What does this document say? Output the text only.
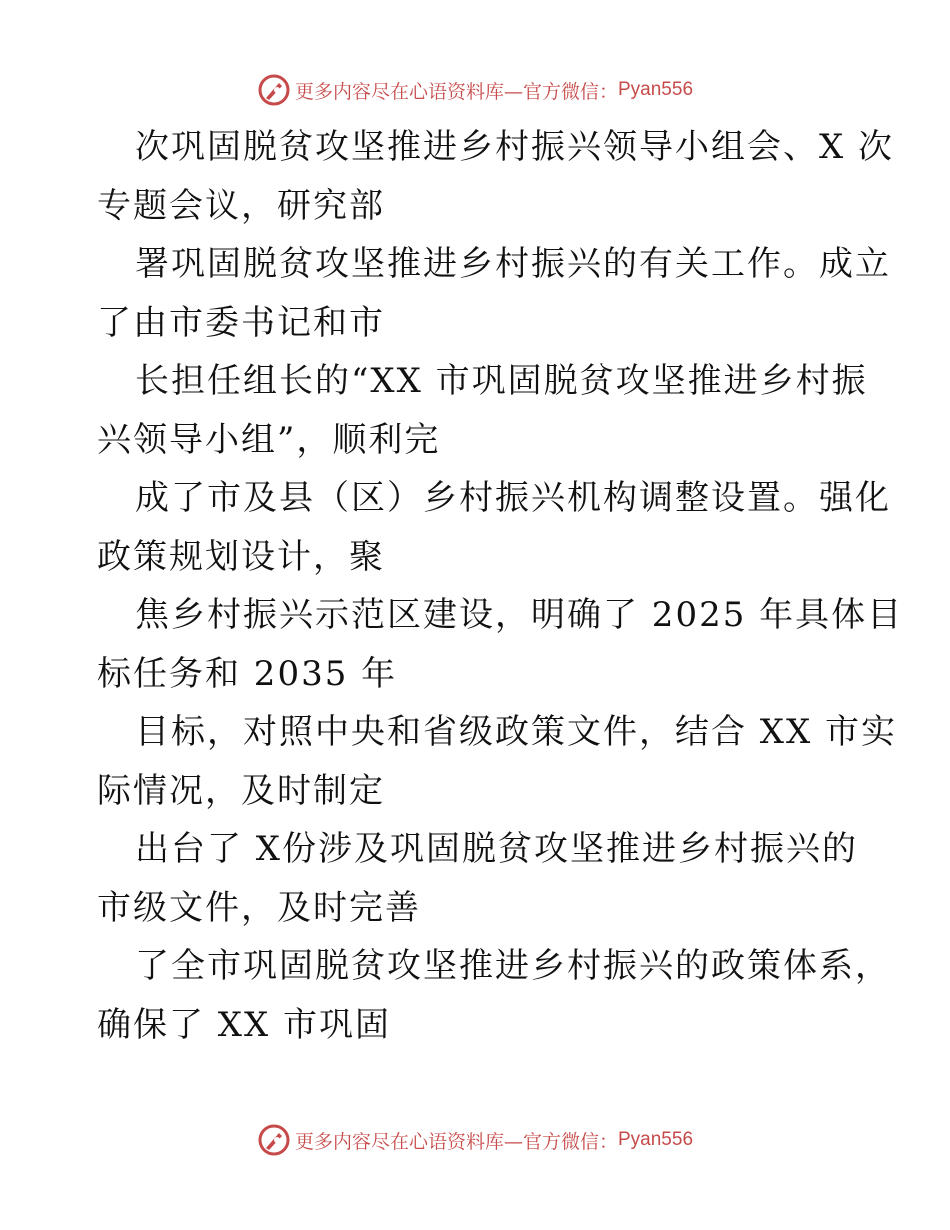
更多内容尽在心语资料库—官方微信： Pyan556
次巩固脱贫攻坚推进乡村振兴领导小组会、X 次
专题会议，研究部
署巩固脱贫攻坚推进乡村振兴的有关工作。成立
了由市委书记和市
长担任组长的“XX 市巩固脱贫攻坚推进乡村振
兴领导小组”，顺利完
成了市及县（区）乡村振兴机构调整设置。强化
政策规划设计，聚
焦乡村振兴示范区建设，明确了 2025 年具体目
标任务和 2035 年
目标，对照中央和省级政策文件，结合 XX 市实
际情况，及时制定
出台了 X份涉及巩固脱贫攻坚推进乡村振兴的
市级文件，及时完善
了全市巩固脱贫攻坚推进乡村振兴的政策体系，
确保了 XX 市巩固
更多内容尽在心语资料库—官方微信： Pyan556
